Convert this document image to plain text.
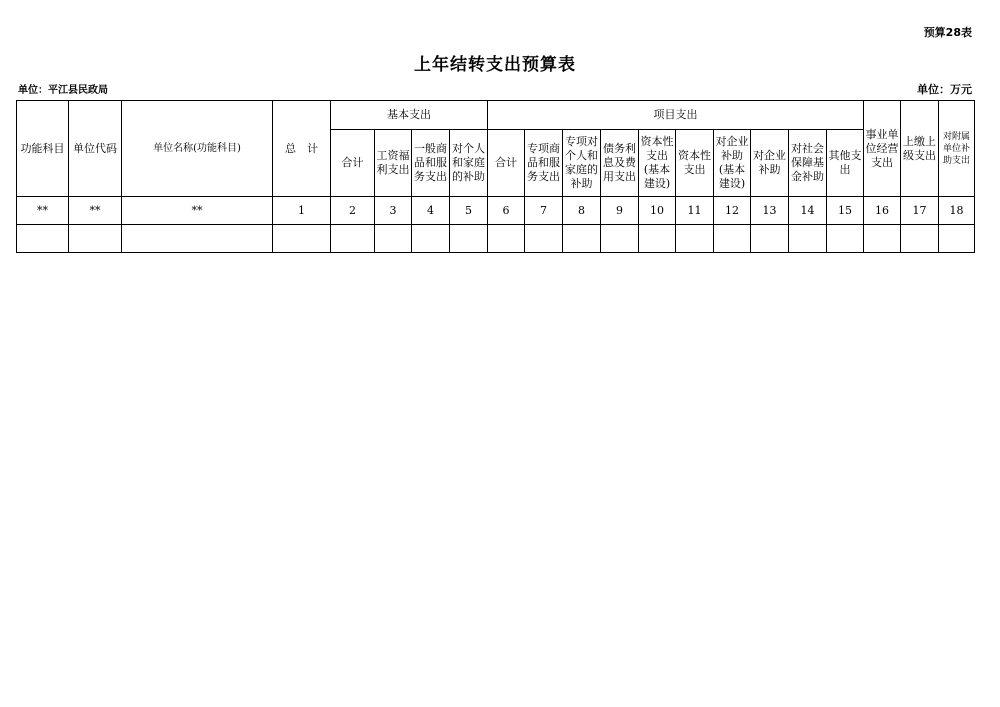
预算28表
上年结转支出预算表
单位：平江县民政局	单位：万元
功能科目	单位代码	单位名称(功能科目)	总　计	基本支出				项目支出										事业单位经营支出	上缴上级支出	对附属单位补助支出
				合计	工资福利支出	一般商品和服务支出	对个人和家庭的补助	合计	专项商品和服务支出	专项对个人和家庭的补助	债务利息及费用支出	资本性支出(基本建设)	资本性支出	对企业补助(基本建设)	对企业补助	对社会保障基金补助	其他支出			
**	**	**	1	2	3	4	5	6	7	8	9	10	11	12	13	14	15	16	17	18
